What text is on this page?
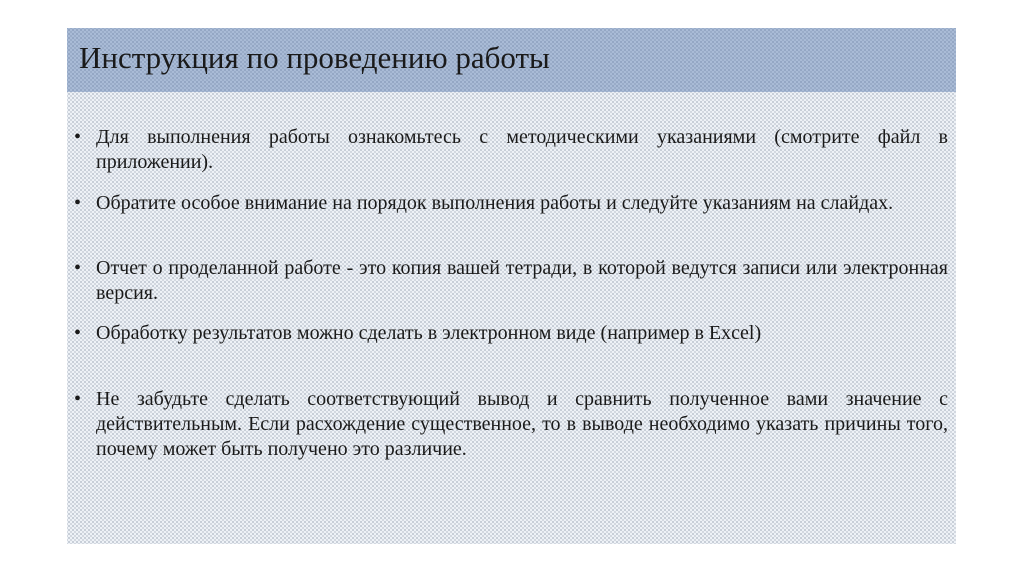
Инструкция по проведению работы
• Для выполнения работы ознакомьтесь с методическими указаниями (смотрите файл в приложении).
• Обратите особое внимание на порядок выполнения работы и следуйте указаниям на слайдах.
• Отчет о проделанной работе - это копия вашей тетради, в которой ведутся записи или электронная версия.
• Обработку результатов можно сделать в электронном виде (например в Excel)
• Не забудьте сделать соответствующий вывод и сравнить полученное вами значение с действительным. Если расхождение существенное, то в выводе необходимо указать причины того, почему может быть получено это различие.
